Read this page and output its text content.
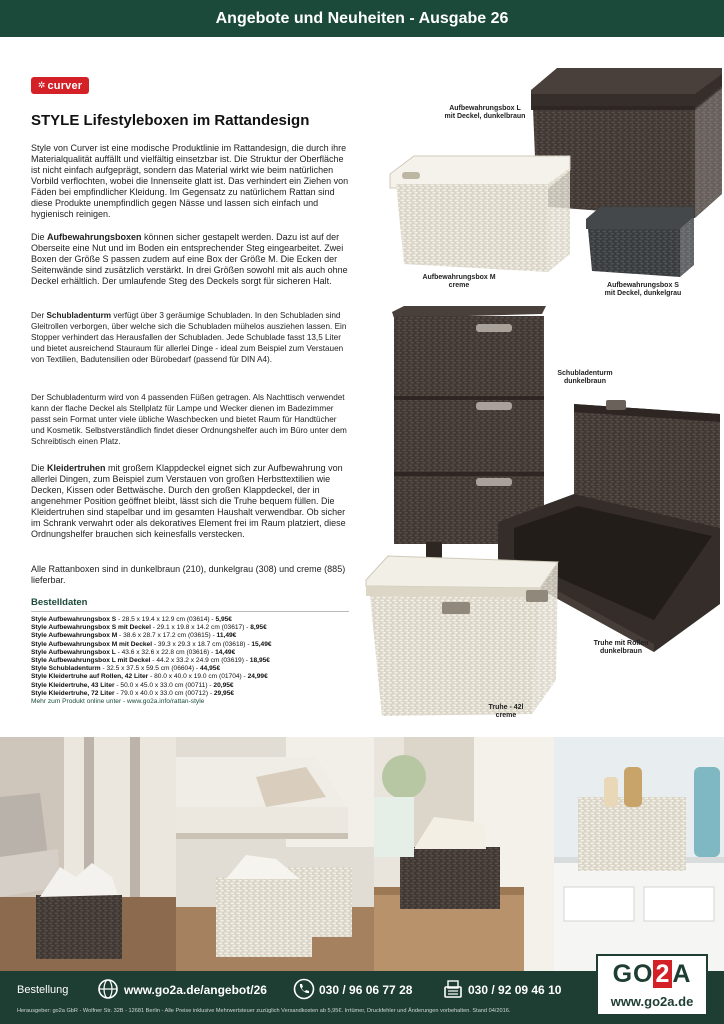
Angebote und Neuheiten - Ausgabe 26
✲ curver
STYLE Lifestyleboxen im Rattandesign
Style von Curver ist eine modische Produktlinie im Rattandesign, die durch ihre Materialqualität auffällt und vielfältig einsetzbar ist. Die Struktur der Oberfläche ist nicht einfach aufgeprägt, sondern das Material wirkt wie beim natürlichen Vorbild verflochten, wobei die Innenseite glatt ist. Das verhindert ein Ziehen von Fäden bei empfindlicher Kleidung. Im Gegensatz zu natürlichem Rattan sind diese Produkte unempfindlich gegen Nässe und lassen sich einfach und hygienisch reinigen.
Die Aufbewahrungsboxen können sicher gestapelt werden. Dazu ist auf der Oberseite eine Nut und im Boden ein entsprechender Steg eingearbeitet. Zwei Boxen der Größe S passen zudem auf eine Box der Größe M. Die Ecken der Seitenwände sind zusätzlich verstärkt. In drei Größen sowohl mit als auch ohne Deckel erhältlich. Der umlaufende Steg des Deckels sorgt für sicheren Halt.
Der Schubladenturm verfügt über 3 geräumige Schubladen. In den Schubladen sind Gleitrollen verborgen, über welche sich die Schubladen mühelos ausziehen lassen. Ein Stopper verhindert das Herausfallen der Schubladen. Jede Schublade fasst 13,5 Liter und bietet ausreichend Stauraum für allerlei Dinge - ideal zum Beispiel zum Verstauen von Textilien, Badutensilien oder Bürobedarf (passend für DIN A4).
Der Schubladenturm wird von 4 passenden Füßen getragen. Als Nachttisch verwendet kann der flache Deckel als Stellplatz für Lampe und Wecker dienen im Badezimmer passt sein Format unter viele übliche Waschbecken und bietet Raum für Handtücher und Kosmetik. Selbstverständlich findet dieser Ordnungshelfer auch im Büro unter dem Schreibtisch einen Platz.
Die Kleidertruhen mit großem Klappdeckel eignet sich zur Aufbewahrung von allerlei Dingen, zum Beispiel zum Verstauen von großen Herbsttextilien wie Decken, Kissen oder Bettwäsche. Durch den großen Klappdeckel, der in angenehmer Position geöffnet bleibt, lässt sich die Truhe bequem füllen. Die Kleidertruhen sind stapelbar und im gesamten Haushalt verwendbar. Ob sicher im Schrank verwahrt oder als dekoratives Element frei im Raum platziert, diese Ordnungshelfer brauchen sich keinesfalls verstecken.
Alle Rattanboxen sind in dunkelbraun (210), dunkelgrau (308) und creme (885) lieferbar.
Bestelldaten
Style Aufbewahrungsbox S - 28.5 x 19.4 x 12.9 cm (03614) - 5,95€
Style Aufbewahrungsbox S mit Deckel - 29.1 x 19.8 x 14.2 cm (03617) - 8,95€
Style Aufbewahrungsbox M - 38.6 x 28.7 x 17.2 cm (03615) - 11,49€
Style Aufbewahrungsbox M mit Deckel - 39.3 x 29.3 x 18.7 cm (03618) - 15,49€
Style Aufbewahrungsbox L - 43.6 x 32.6 x 22.8 cm (03616) - 14,49€
Style Aufbewahrungsbox L mit Deckel - 44.2 x 33.2 x 24.9 cm (03619) - 18,95€
Style Schubladenturm - 32.5 x 37.5 x 59.5 cm (06604) - 44,95€
Style Kleidertruhe auf Rollen, 42 Liter - 80.0 x 40.0 x 19.0 cm (01704) - 24,99€
Style Kleidertruhe, 43 Liter - 50.0 x 45.0 x 33.0 cm (00711) - 20,95€
Style Kleidertruhe, 72 Liter - 79.0 x 40.0 x 33.0 cm (00712) - 29,95€
Mehr zum Produkt online unter - www.go2a.info/rattan-style
Aufbewahrungsbox L
mit Deckel, dunkelbraun
Aufbewahrungsbox M
creme	Aufbewahrungsbox S
mit Deckel, dunkelgrau
Schubladenturm
dunkelbraun
Truhe mit Rollen
dunkelbraun
Truhe - 42l
creme
Bestellung	www.go2a.de/angebot/26	030 / 96 06 77 28	030 / 92 09 46 10
Herausgeber: go2a GbR - Wolfner Str. 32B - 12681 Berlin - Alle Preise inklusive Mehrwertsteuer zuzüglich Versandkosten ab 5,95€. Irrtümer, Druckfehler und Änderungen vorbehalten. Stand 04/2016.
GO2A
www.go2a.de
